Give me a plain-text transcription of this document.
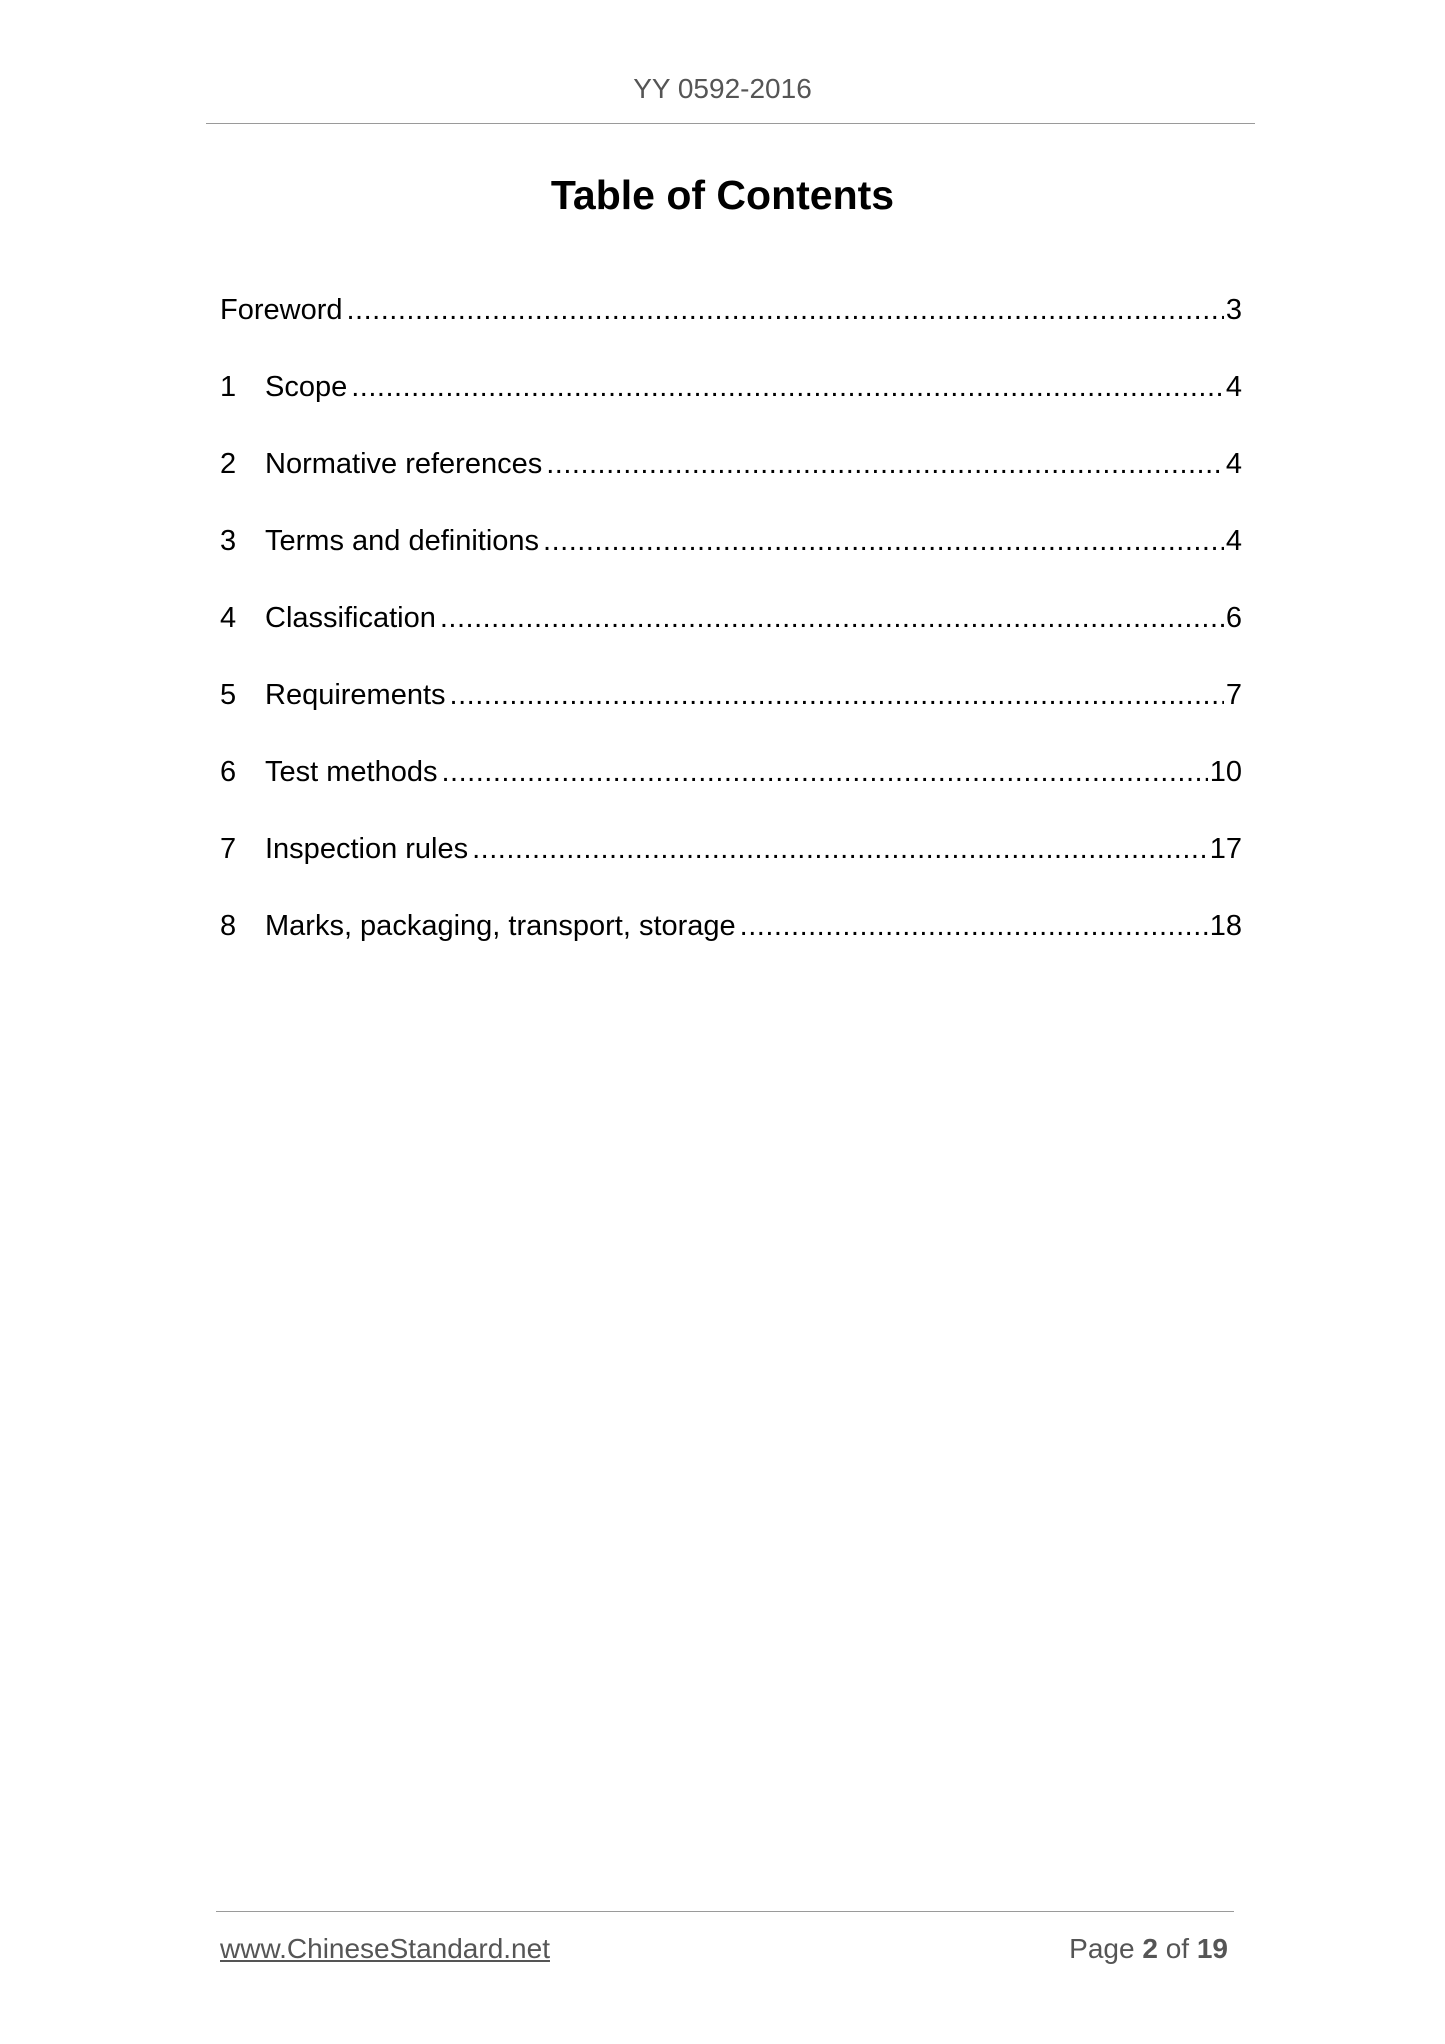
YY 0592-2016
Table of Contents
Foreword .....	3
1 Scope .....	4
2 Normative references .....	4
3 Terms and definitions .....	4
4 Classification .....	6
5 Requirements .....	7
6 Test methods .....	10
7 Inspection rules .....	17
8 Marks, packaging, transport, storage .....	18
www.ChineseStandard.net	Page 2 of 19
